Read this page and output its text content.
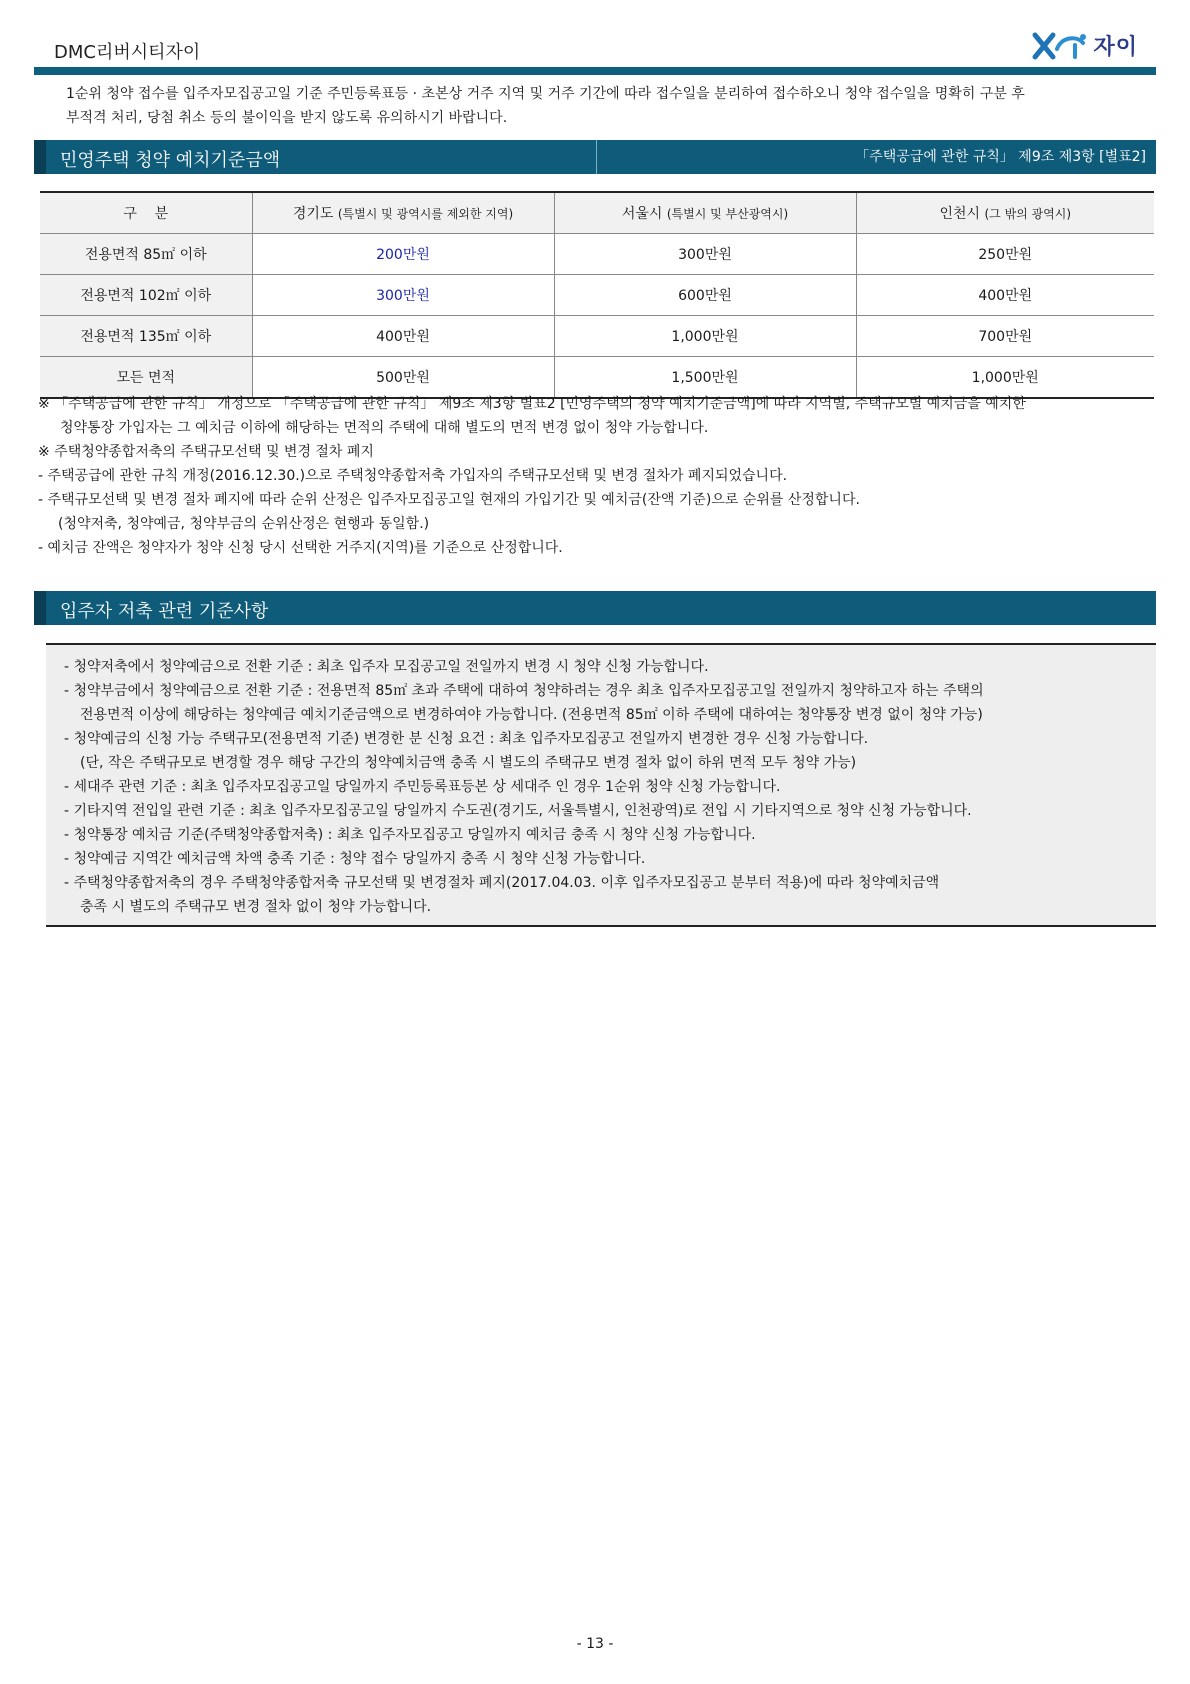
DMC리버시티자이	자이
1순위 청약 접수를 입주자모집공고일 기준 주민등록표등 · 초본상 거주 지역 및 거주 기간에 따라 접수일을 분리하여 접수하오니 청약 접수일을 명확히 구분 후
부적격 처리, 당첨 취소 등의 불이익을 받지 않도록 유의하시기 바랍니다.
민영주택 청약 예치기준금액	「주택공급에 관한 규칙」 제9조 제3항 [별표2]
구    분	경기도 (특별시 및 광역시를 제외한 지역)	서울시 (특별시 및 부산광역시)	인천시 (그 밖의 광역시)
전용면적 85㎡ 이하	200만원	300만원	250만원
전용면적 102㎡ 이하	300만원	600만원	400만원
전용면적 135㎡ 이하	400만원	1,000만원	700만원
모든 면적	500만원	1,500만원	1,000만원

※ 「주택공급에 관한 규칙」 개정으로 「주택공급에 관한 규칙」 제9조 제3항 별표2 [민영주택의 청약 예치기준금액]에 따라 지역별, 주택규모별 예치금을 예치한

청약통장 가입자는 그 예치금 이하에 해당하는 면적의 주택에 대해 별도의 면적 변경 없이 청약 가능합니다.

※ 주택청약종합저축의 주택규모선택 및 변경 절차 폐지

- 주택공급에 관한 규칙 개정(2016.12.30.)으로 주택청약종합저축 가입자의 주택규모선택 및 변경 절차가 폐지되었습니다.

- 주택규모선택 및 변경 절차 폐지에 따라 순위 산정은 입주자모집공고일 현재의 가입기간 및 예치금(잔액 기준)으로 순위를 산정합니다.

(청약저축, 청약예금, 청약부금의 순위산정은 현행과 동일함.)

- 예치금 잔액은 청약자가 청약 신청 당시 선택한 거주지(지역)를 기준으로 산정합니다.

입주자 저축 관련 기준사항

- 청약저축에서 청약예금으로 전환 기준 : 최초 입주자 모집공고일 전일까지 변경 시 청약 신청 가능합니다.

- 청약부금에서 청약예금으로 전환 기준 : 전용면적 85㎡ 초과 주택에 대하여 청약하려는 경우 최초 입주자모집공고일 전일까지 청약하고자 하는 주택의

전용면적 이상에 해당하는 청약예금 예치기준금액으로 변경하여야 가능합니다. (전용면적 85㎡ 이하 주택에 대하여는 청약통장 변경 없이 청약 가능)

- 청약예금의 신청 가능 주택규모(전용면적 기준) 변경한 분 신청 요건 : 최초 입주자모집공고 전일까지 변경한 경우 신청 가능합니다.

(단, 작은 주택규모로 변경할 경우 해당 구간의 청약예치금액 충족 시 별도의 주택규모 변경 절차 없이 하위 면적 모두 청약 가능)

- 세대주 관련 기준 : 최초 입주자모집공고일 당일까지 주민등록표등본 상 세대주 인 경우 1순위 청약 신청 가능합니다.

- 기타지역 전입일 관련 기준 : 최초 입주자모집공고일 당일까지 수도권(경기도, 서울특별시, 인천광역)로 전입 시 기타지역으로 청약 신청 가능합니다.

- 청약통장 예치금 기준(주택청약종합저축) : 최초 입주자모집공고 당일까지 예치금 충족 시 청약 신청 가능합니다.

- 청약예금 지역간 예치금액 차액 충족 기준 : 청약 접수 당일까지 충족 시 청약 신청 가능합니다.

- 주택청약종합저축의 경우 주택청약종합저축 규모선택 및 변경절차 폐지(2017.04.03. 이후 입주자모집공고 분부터 적용)에 따라 청약예치금액

충족 시 별도의 주택규모 변경 절차 없이 청약 가능합니다.

- 13 -
